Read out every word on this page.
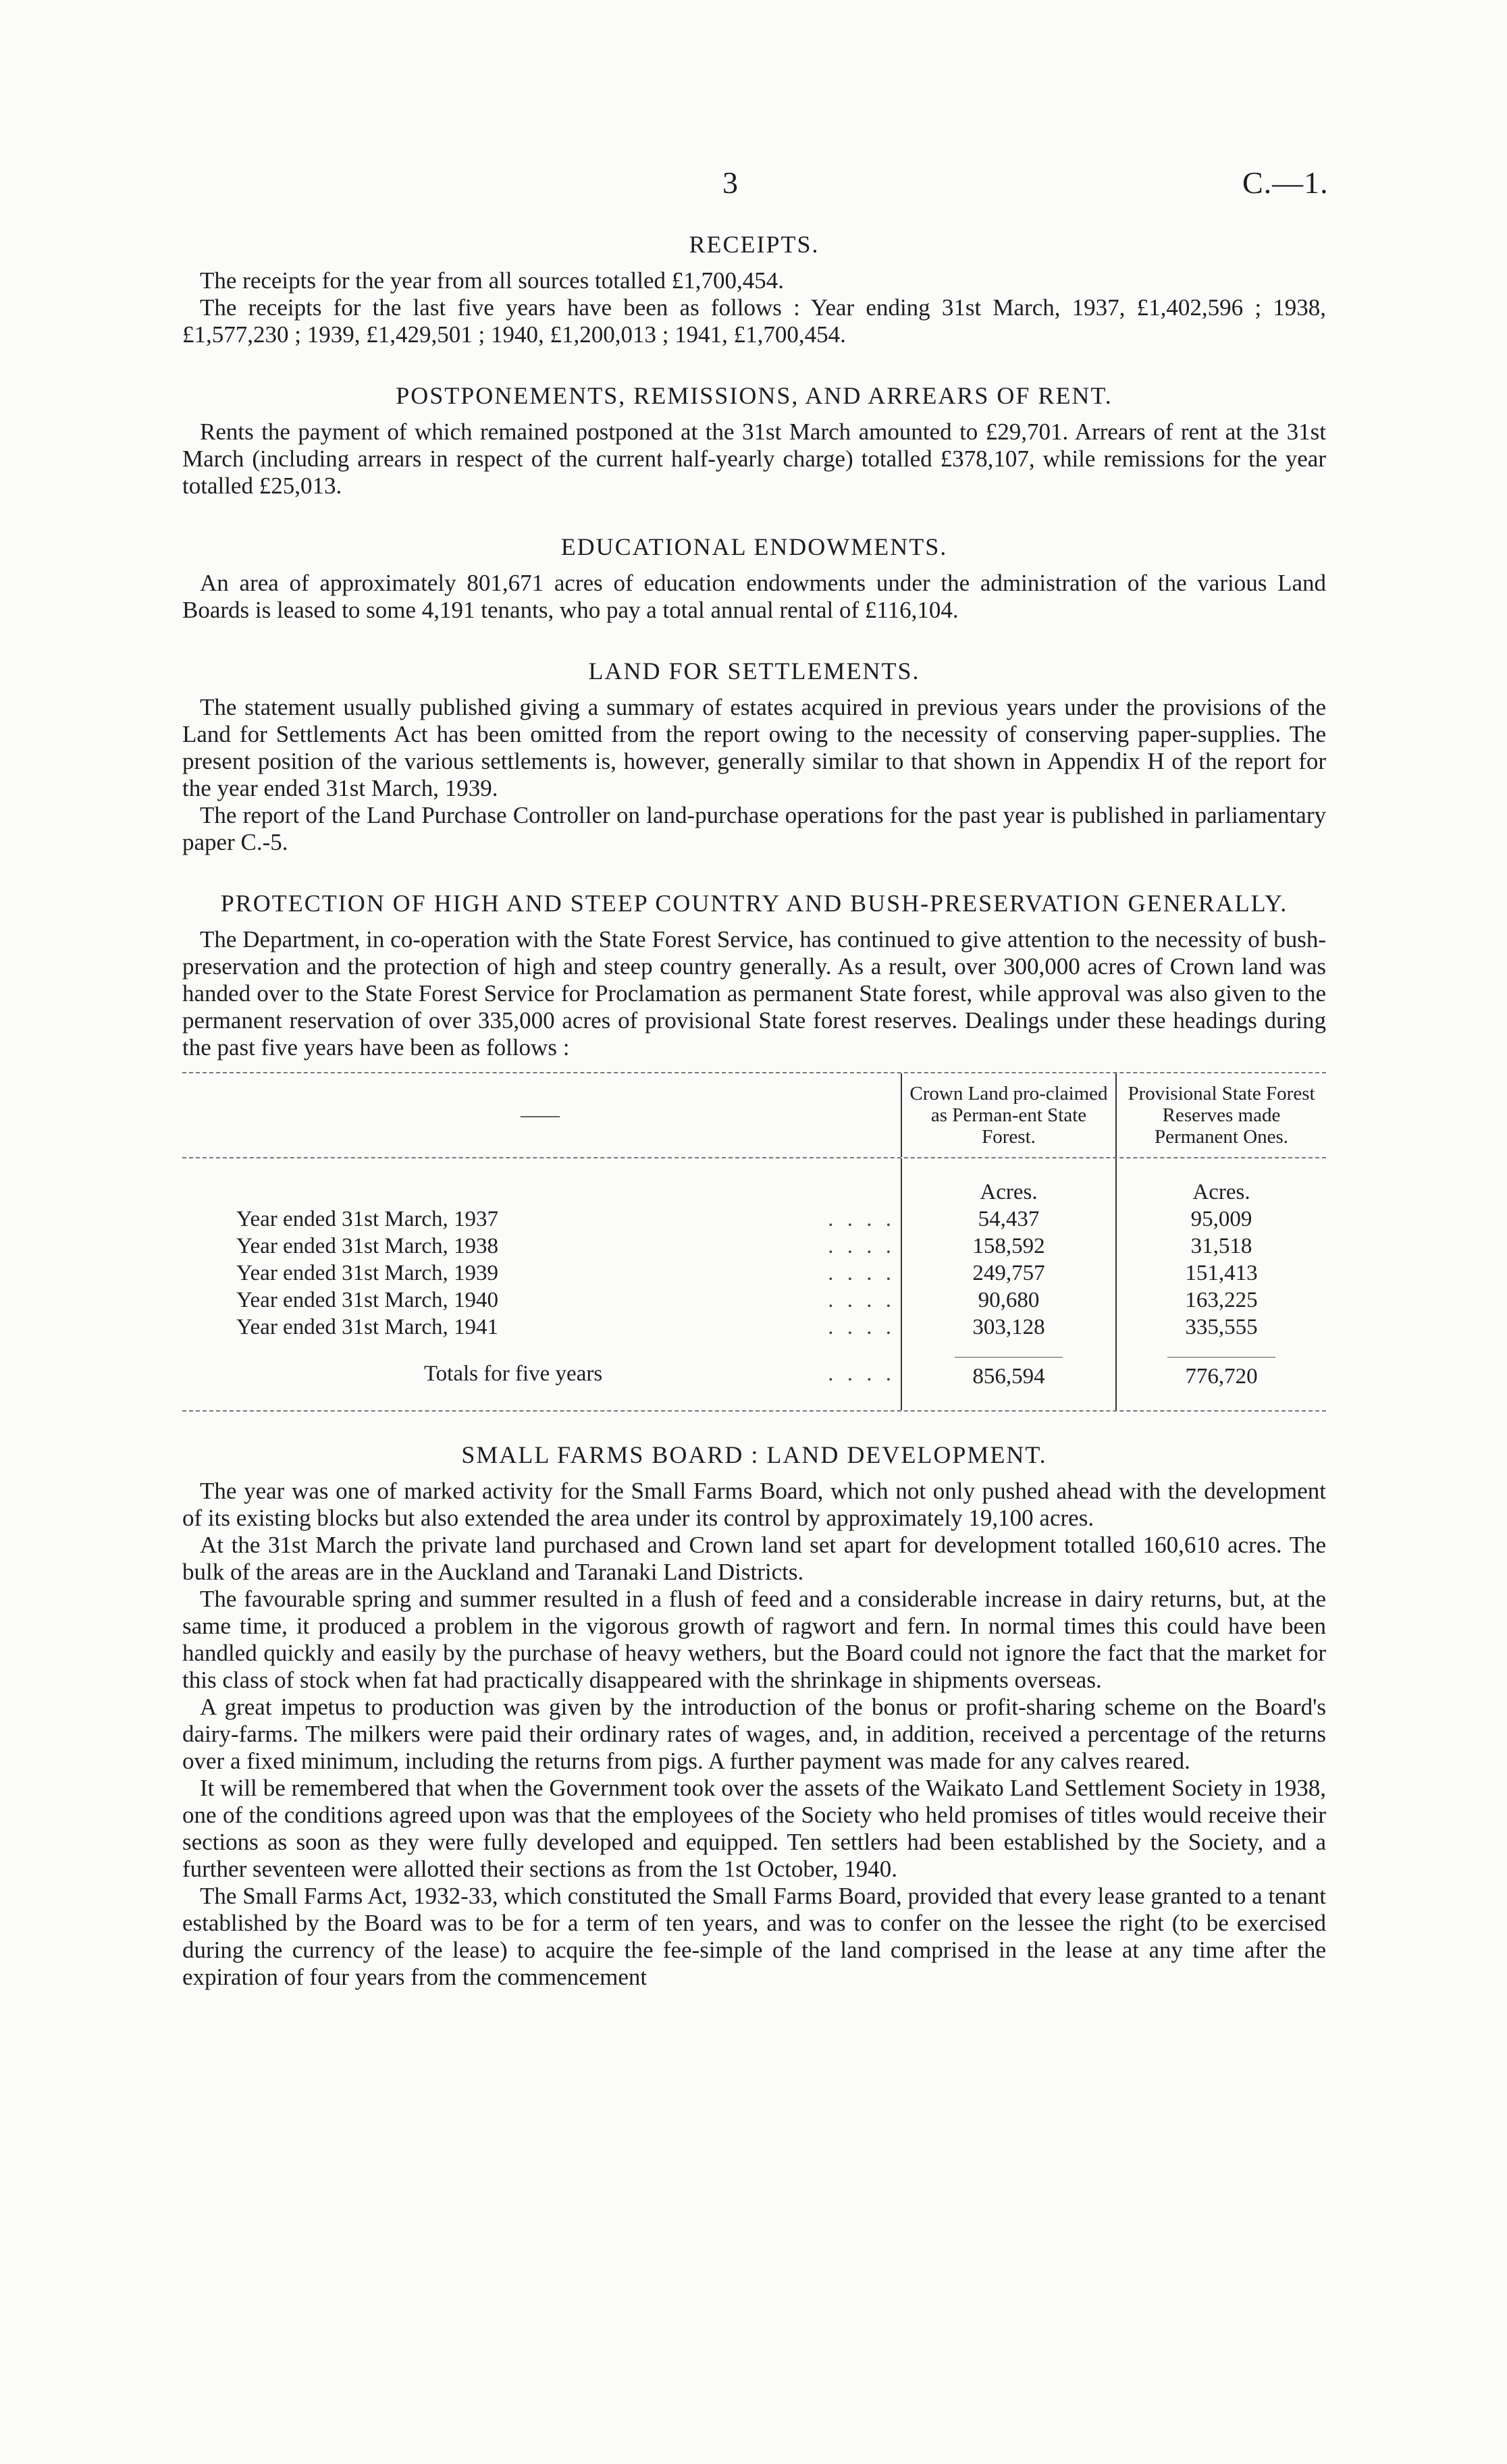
3	C.—1.
RECEIPTS.

The receipts for the year from all sources totalled £1,700,454.

The receipts for the last five years have been as follows : Year ending 31st March, 1937, £1,402,596 ; 1938, £1,577,230 ; 1939, £1,429,501 ; 1940, £1,200,013 ; 1941, £1,700,454.

POSTPONEMENTS, REMISSIONS, AND ARREARS OF RENT.

Rents the payment of which remained postponed at the 31st March amounted to £29,701. Arrears of rent at the 31st March (including arrears in respect of the current half-yearly charge) totalled £378,107, while remissions for the year totalled £25,013.

EDUCATIONAL ENDOWMENTS.

An area of approximately 801,671 acres of education endowments under the administration of the various Land Boards is leased to some 4,191 tenants, who pay a total annual rental of £116,104.

LAND FOR SETTLEMENTS.

The statement usually published giving a summary of estates acquired in previous years under the provisions of the Land for Settlements Act has been omitted from the report owing to the necessity of conserving paper-supplies. The present position of the various settlements is, however, generally similar to that shown in Appendix H of the report for the year ended 31st March, 1939.

The report of the Land Purchase Controller on land-purchase operations for the past year is published in parliamentary paper C.-5.

PROTECTION OF HIGH AND STEEP COUNTRY AND BUSH-PRESERVATION GENERALLY.

The Department, in co-operation with the State Forest Service, has continued to give attention to the necessity of bush-preservation and the protection of high and steep country generally. As a result, over 300,000 acres of Crown land was handed over to the State Forest Service for Proclamation as permanent State forest, while approval was also given to the permanent reservation of over 335,000 acres of provisional State forest reserves. Dealings under these headings during the past five years have been as follows :

——		Crown Land pro-claimed as Perman-ent State Forest.	Provisional State Forest Reserves made Permanent Ones.

		Acres.	Acres.
Year ended 31st March, 1937	. . . .	54,437	95,009
Year ended 31st March, 1938	. . . .	158,592	31,518
Year ended 31st March, 1939	. . . .	249,757	151,413
Year ended 31st March, 1940	. . . .	90,680	163,225
Year ended 31st March, 1941	. . . .	303,128	335,555
Totals for five years	. . . .	856,594	776,720
SMALL FARMS BOARD : LAND DEVELOPMENT.

The year was one of marked activity for the Small Farms Board, which not only pushed ahead with the development of its existing blocks but also extended the area under its control by approximately 19,100 acres.

At the 31st March the private land purchased and Crown land set apart for development totalled 160,610 acres. The bulk of the areas are in the Auckland and Taranaki Land Districts.

The favourable spring and summer resulted in a flush of feed and a considerable increase in dairy returns, but, at the same time, it produced a problem in the vigorous growth of ragwort and fern. In normal times this could have been handled quickly and easily by the purchase of heavy wethers, but the Board could not ignore the fact that the market for this class of stock when fat had practically disappeared with the shrinkage in shipments overseas.

A great impetus to production was given by the introduction of the bonus or profit-sharing scheme on the Board's dairy-farms. The milkers were paid their ordinary rates of wages, and, in addition, received a percentage of the returns over a fixed minimum, including the returns from pigs. A further payment was made for any calves reared.

It will be remembered that when the Government took over the assets of the Waikato Land Settlement Society in 1938, one of the conditions agreed upon was that the employees of the Society who held promises of titles would receive their sections as soon as they were fully developed and equipped. Ten settlers had been established by the Society, and a further seventeen were allotted their sections as from the 1st October, 1940.

The Small Farms Act, 1932-33, which constituted the Small Farms Board, provided that every lease granted to a tenant established by the Board was to be for a term of ten years, and was to confer on the lessee the right (to be exercised during the currency of the lease) to acquire the fee-simple of the land comprised in the lease at any time after the expiration of four years from the commencement
